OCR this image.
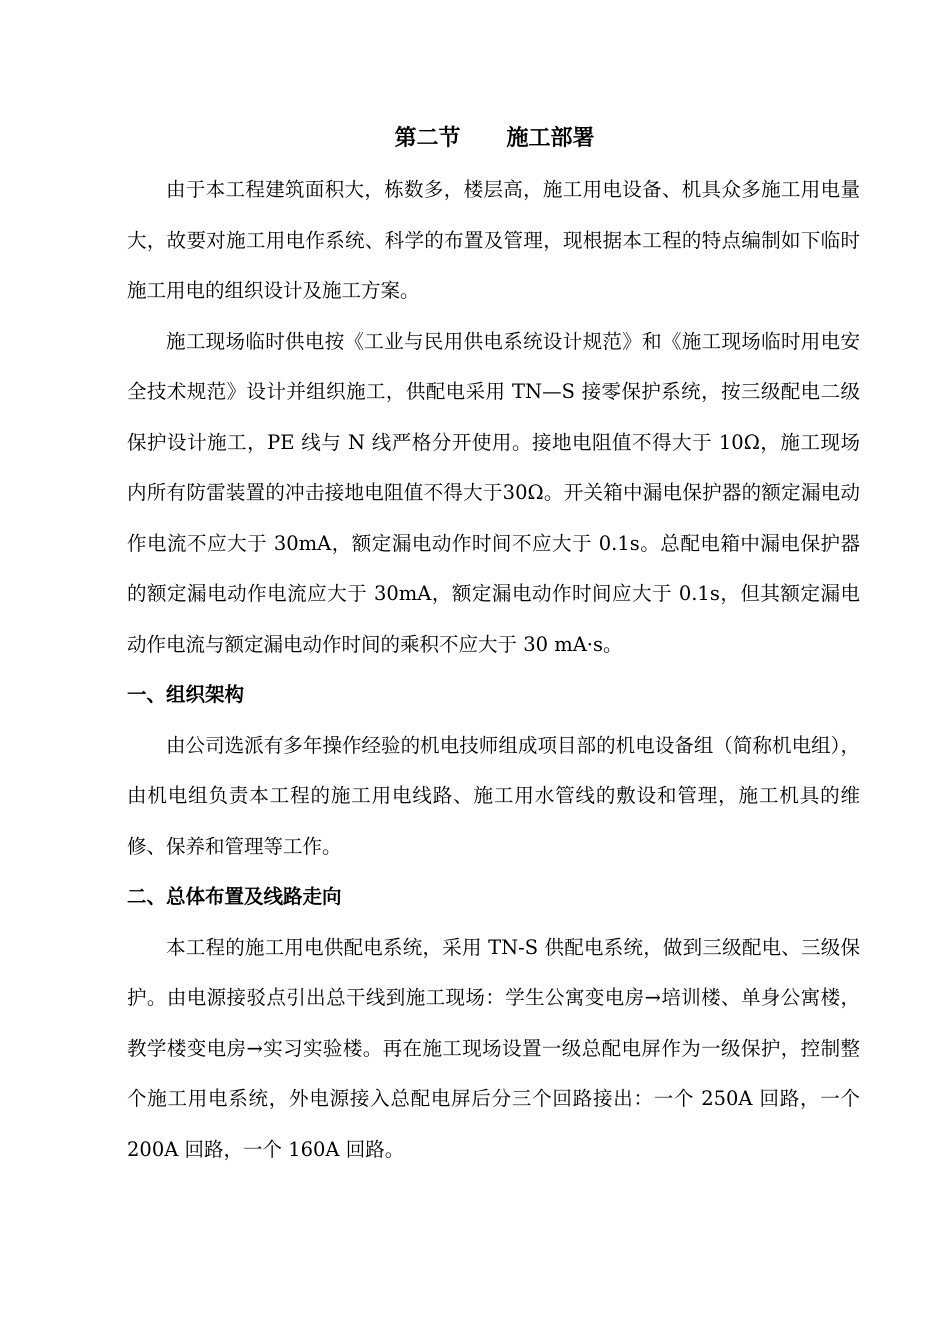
第二节 施工部署

由于本工程建筑面积大，栋数多，楼层高，施工用电设备、机具众多施工用电量大，故要对施工用电作系统、科学的布置及管理，现根据本工程的特点编制如下临时施工用电的组织设计及施工方案。

施工现场临时供电按《工业与民用供电系统设计规范》和《施工现场临时用电安全技术规范》设计并组织施工，供配电采用 TN—S 接零保护系统，按三级配电二级保护设计施工，PE 线与 N 线严格分开使用。接地电阻值不得大于 10Ω，施工现场内所有防雷装置的冲击接地电阻值不得大于30Ω。开关箱中漏电保护器的额定漏电动作电流不应大于 30mA，额定漏电动作时间不应大于 0.1s。总配电箱中漏电保护器的额定漏电动作电流应大于 30mA，额定漏电动作时间应大于 0.1s，但其额定漏电动作电流与额定漏电动作时间的乘积不应大于 30 mA·s。

一、组织架构

由公司选派有多年操作经验的机电技师组成项目部的机电设备组（简称机电组），由机电组负责本工程的施工用电线路、施工用水管线的敷设和管理，施工机具的维修、保养和管理等工作。

二、总体布置及线路走向

本工程的施工用电供配电系统，采用 TN-S 供配电系统，做到三级配电、三级保护。由电源接驳点引出总干线到施工现场：学生公寓变电房→培训楼、单身公寓楼，教学楼变电房→实习实验楼。再在施工现场设置一级总配电屏作为一级保护，控制整个施工用电系统，外电源接入总配电屏后分三个回路接出：一个 250A 回路，一个 200A 回路，一个 160A 回路。
